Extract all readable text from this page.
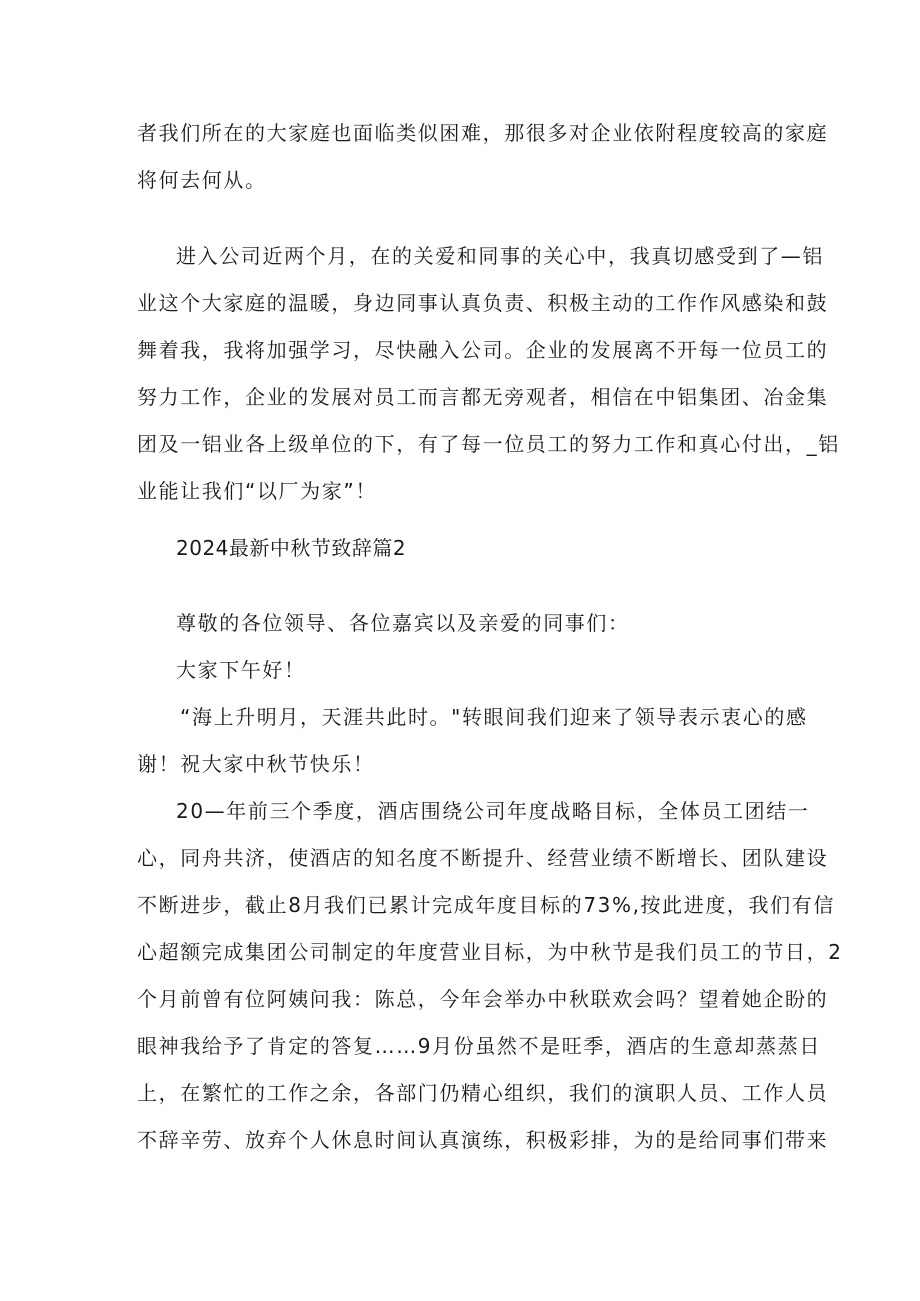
者我们所在的大家庭也面临类似困难，那很多对企业依附程度较高的家庭
将何去何从。
进入公司近两个月，在的关爱和同事的关心中，我真切感受到了—铝
业这个大家庭的温暖，身边同事认真负责、积极主动的工作作风感染和鼓
舞着我，我将加强学习，尽快融入公司。企业的发展离不开每一位员工的
努力工作，企业的发展对员工而言都无旁观者，相信在中铝集团、冶金集
团及一铝业各上级单位的下，有了每一位员工的努力工作和真心付出，_铝
业能让我们“以厂为家”！
2024最新中秋节致辞篇2
尊敬的各位领导、各位嘉宾以及亲爱的同事们：
大家下午好！
“海上升明月，天涯共此时。"转眼间我们迎来了领导表示衷心的感
谢！祝大家中秋节快乐！
20—年前三个季度，酒店围绕公司年度战略目标，全体员工团结一
心，同舟共济，使酒店的知名度不断提升、经营业绩不断增长、团队建设
不断进步，截止8月我们已累计完成年度目标的73%,按此进度，我们有信
心超额完成集团公司制定的年度营业目标，为中秋节是我们员工的节日，2
个月前曾有位阿姨问我：陈总，今年会举办中秋联欢会吗？望着她企盼的
眼神我给予了肯定的答复……9月份虽然不是旺季，酒店的生意却蒸蒸日
上，在繁忙的工作之余，各部门仍精心组织，我们的演职人员、工作人员
不辞辛劳、放弃个人休息时间认真演练，积极彩排，为的是给同事们带来
